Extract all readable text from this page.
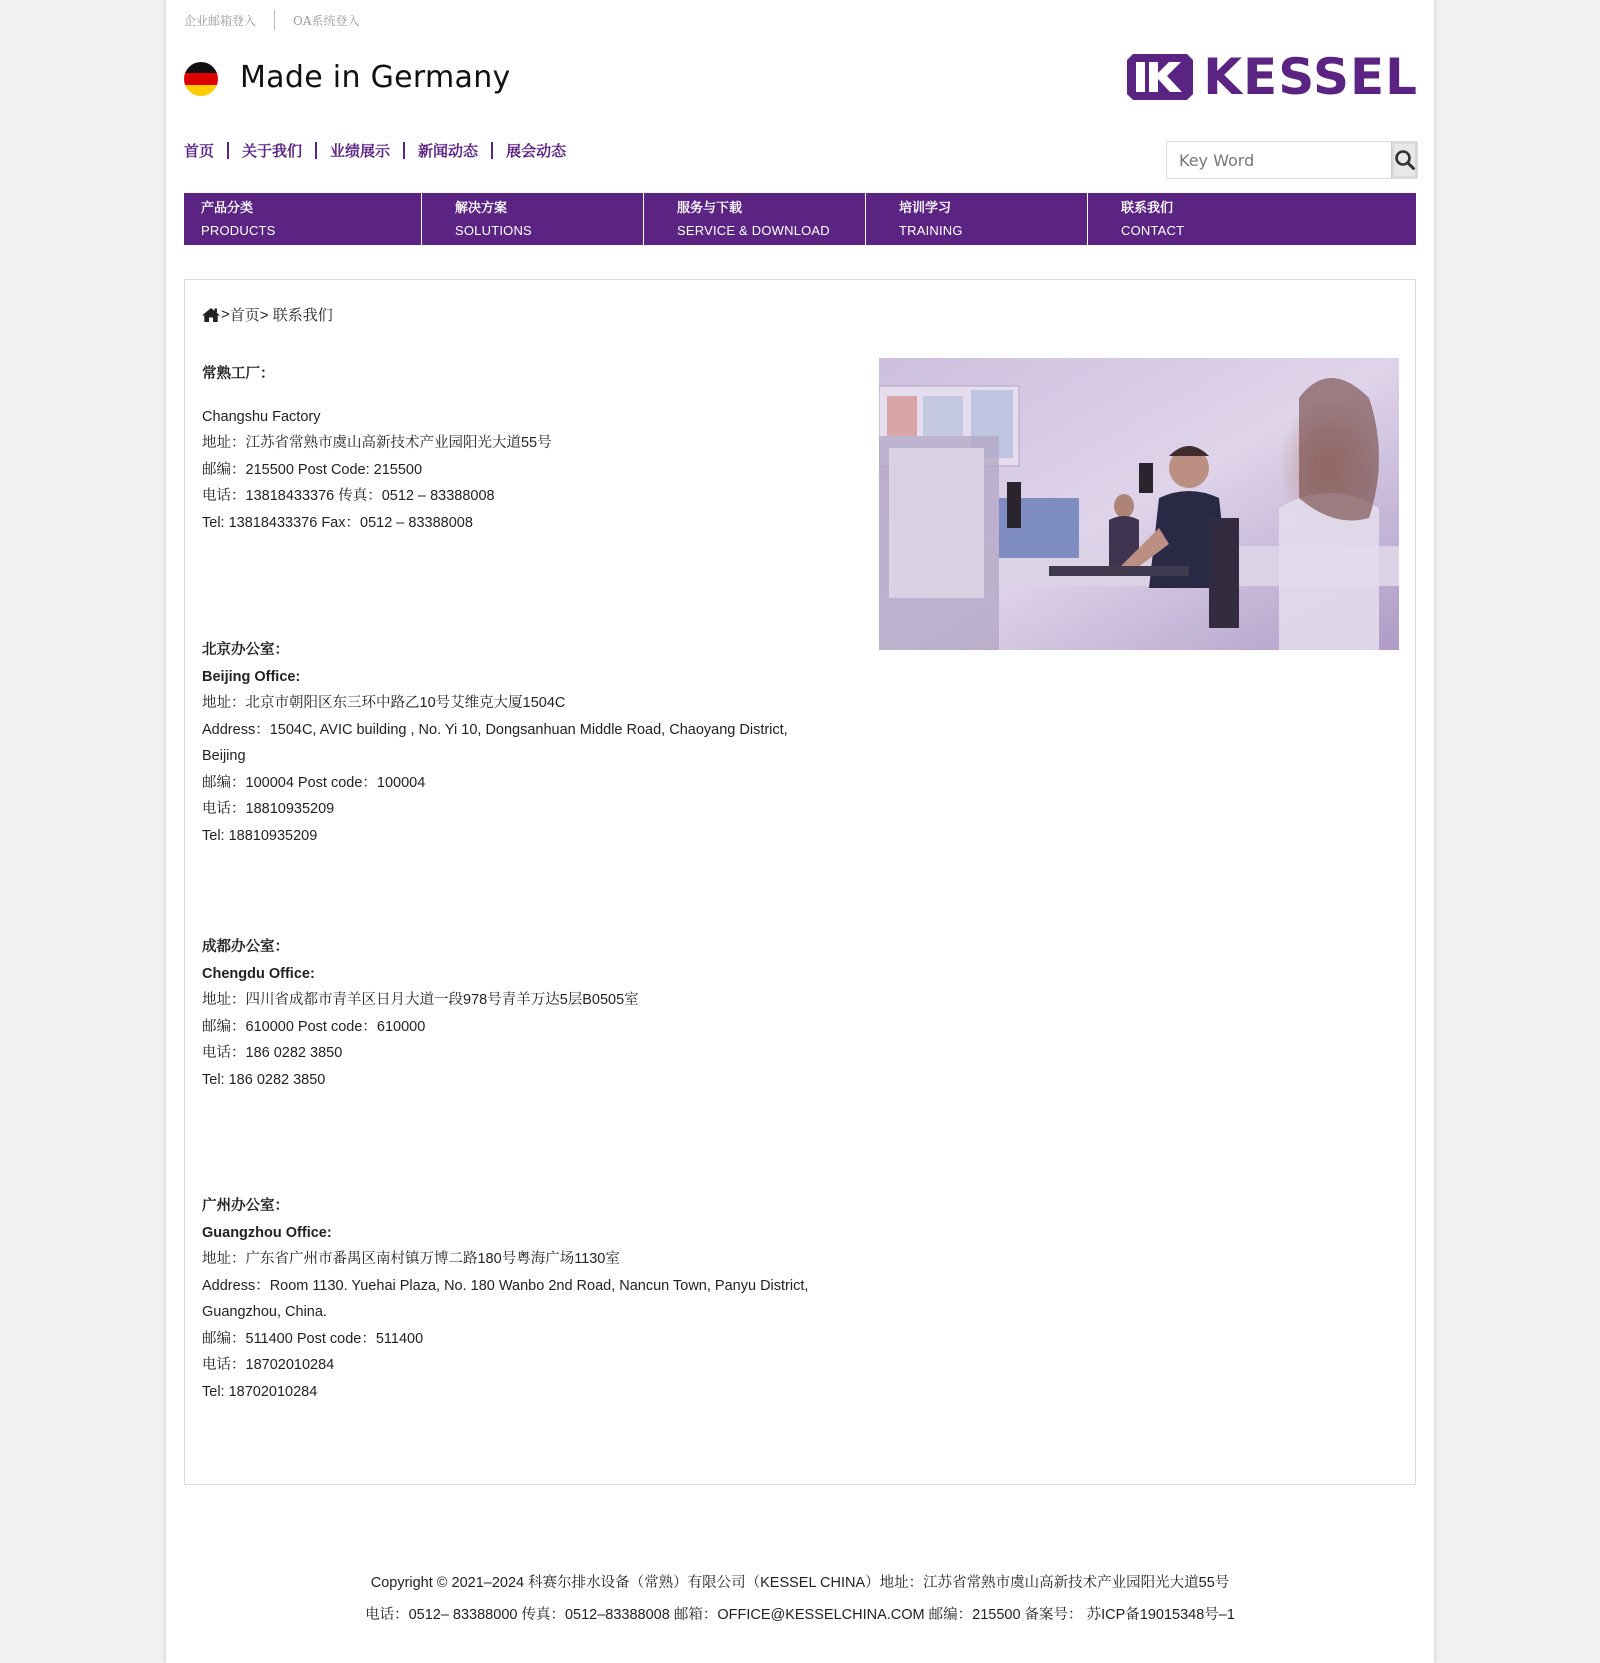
企业邮箱登入	OA系统登入
Made in Germany	KESSEL
首页 关于我们 业绩展示 新闻动态 展会动态
Key Word
产品分类
PRODUCTS
解决方案
SOLUTIONS
服务与下载
SERVICE & DOWNLOAD
培训学习
TRAINING
联系我们
CONTACT
> 首页 > 联系我们

常熟工厂：

Changshu Factory

地址：江苏省常熟市虞山高新技术产业园阳光大道55号

邮编：215500 Post Code: 215500

电话：13818433376 传真：0512 – 83388008

Tel: 13818433376 Fax：0512 – 83388008

北京办公室：

Beijing Office:

地址：北京市朝阳区东三环中路乙10号艾维克大厦1504C

Address：1504C, AVIC building , No. Yi 10, Dongsanhuan Middle Road, Chaoyang District,

Beijing

邮编：100004 Post code：100004

电话：18810935209

Tel: 18810935209

成都办公室：

Chengdu Office:

地址：四川省成都市青羊区日月大道一段978号青羊万达5层B0505室

邮编：610000 Post code：610000

电话：186 0282 3850

Tel: 186 0282 3850

广州办公室：

Guangzhou Office:

地址：广东省广州市番禺区南村镇万博二路180号粤海广场1130室

Address：Room 1130. Yuehai Plaza, No. 180 Wanbo 2nd Road, Nancun Town, Panyu District,

Guangzhou, China.

邮编：511400 Post code：511400

电话：18702010284

Tel: 18702010284

Copyright © 2021–2024 科赛尔排水设备（常熟）有限公司（KESSEL CHINA）地址：江苏省常熟市虞山高新技术产业园阳光大道55号
电话：0512– 83388000 传真：0512–83388008 邮箱：OFFICE@KESSELCHINA.COM 邮编：215500 备案号： 苏ICP备19015348号–1
